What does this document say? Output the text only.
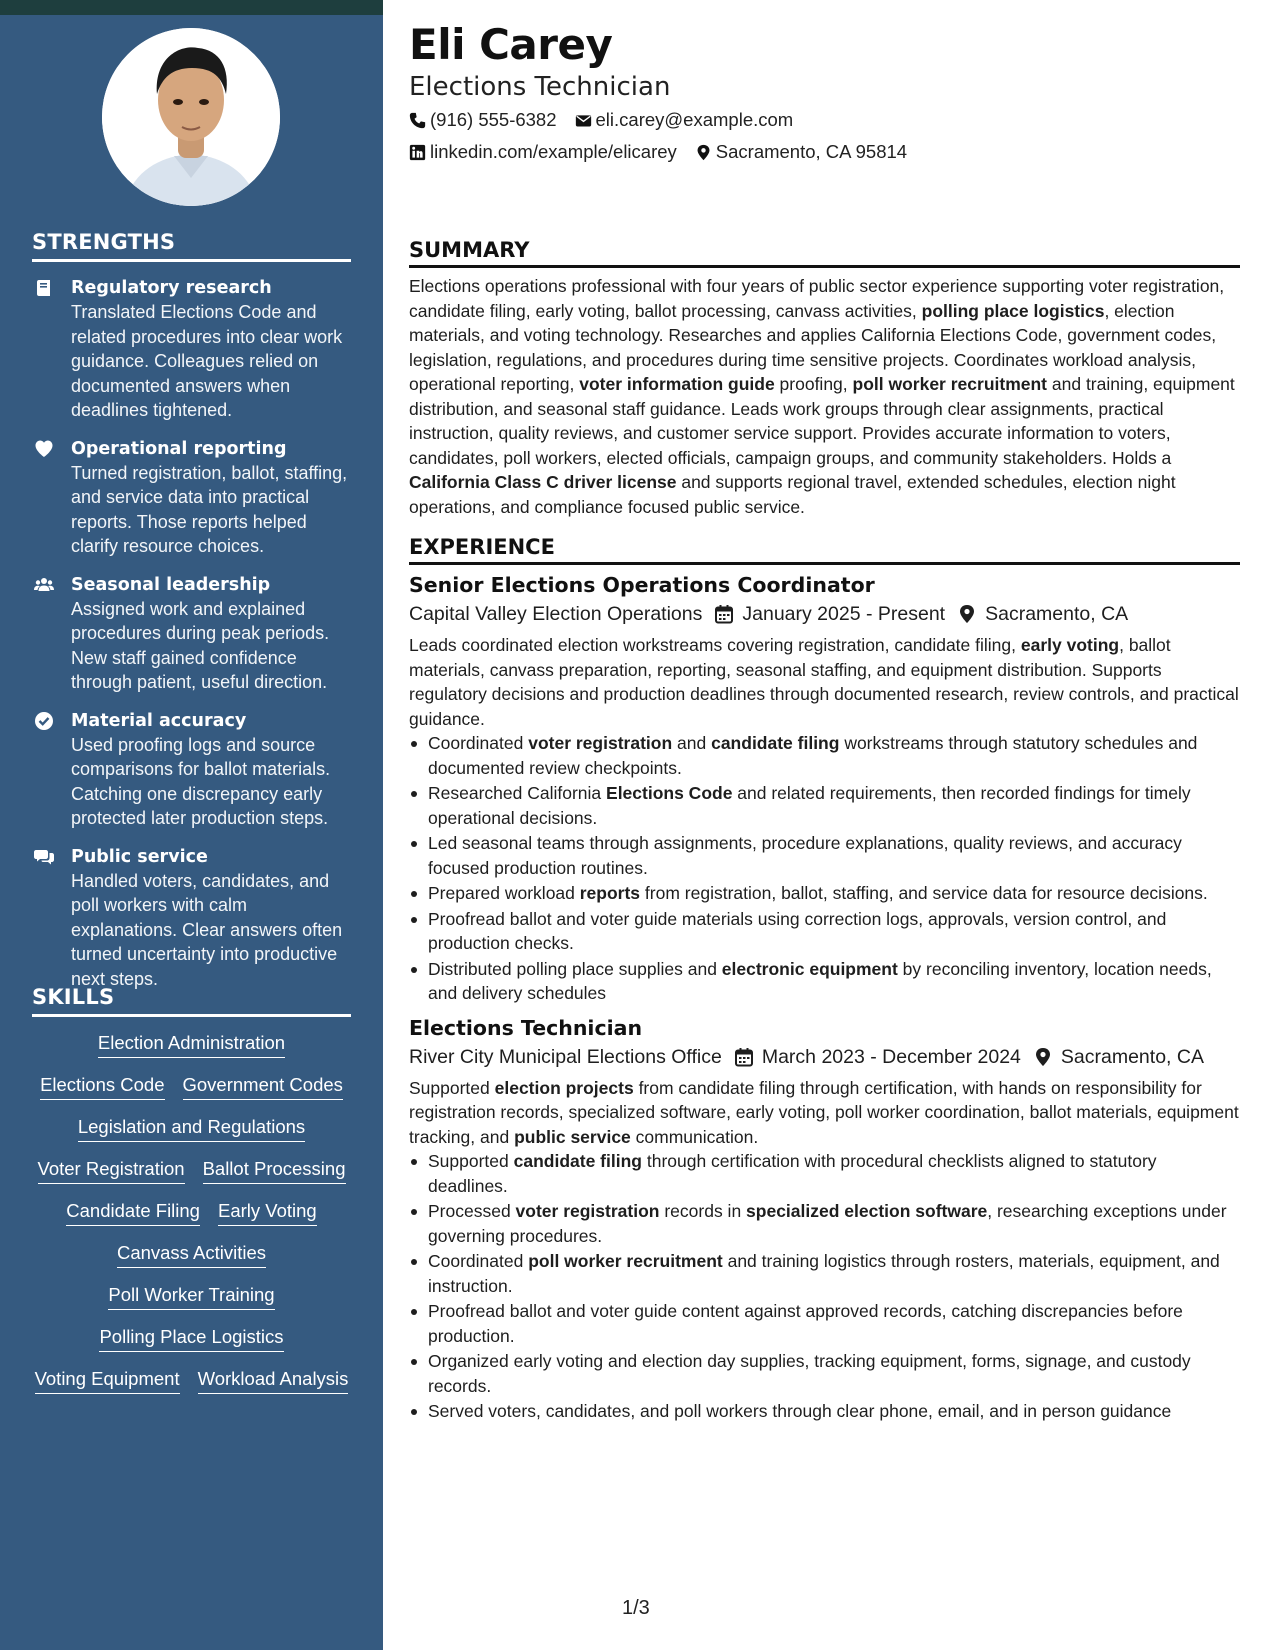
STRENGTHS
Regulatory research
Translated Elections Code and related procedures into clear work guidance. Colleagues relied on documented answers when deadlines tightened.
Operational reporting
Turned registration, ballot, staffing, and service data into practical reports. Those reports helped clarify resource choices.
Seasonal leadership
Assigned work and explained procedures during peak periods. New staff gained confidence through patient, useful direction.
Material accuracy
Used proofing logs and source comparisons for ballot materials. Catching one discrepancy early protected later production steps.
Public service
Handled voters, candidates, and poll workers with calm explanations. Clear answers often turned uncertainty into productive next steps.
SKILLS
Election Administration
Elections Code Government Codes
Legislation and Regulations
Voter Registration Ballot Processing
Candidate Filing Early Voting
Canvass Activities
Poll Worker Training
Polling Place Logistics
Voting Equipment Workload Analysis
Eli Carey
Elections Technician
(916) 555-6382 eli.carey@example.com
linkedin.com/example/elicarey Sacramento, CA 95814
SUMMARY
Elections operations professional with four years of public sector experience supporting voter registration, candidate filing, early voting, ballot processing, canvass activities, polling place logistics, election materials, and voting technology. Researches and applies California Elections Code, government codes, legislation, regulations, and procedures during time sensitive projects. Coordinates workload analysis, operational reporting, voter information guide proofing, poll worker recruitment and training, equipment distribution, and seasonal staff guidance. Leads work groups through clear assignments, practical instruction, quality reviews, and customer service support. Provides accurate information to voters, candidates, poll workers, elected officials, campaign groups, and community stakeholders. Holds a California Class C driver license and supports regional travel, extended schedules, election night operations, and compliance focused public service.
EXPERIENCE
Senior Elections Operations Coordinator
Capital Valley Election Operations January 2025 - Present Sacramento, CA
Leads coordinated election workstreams covering registration, candidate filing, early voting, ballot materials, canvass preparation, reporting, seasonal staffing, and equipment distribution. Supports regulatory decisions and production deadlines through documented research, review controls, and practical guidance.
Coordinated voter registration and candidate filing workstreams through statutory schedules and documented review checkpoints.
Researched California Elections Code and related requirements, then recorded findings for timely operational decisions.
Led seasonal teams through assignments, procedure explanations, quality reviews, and accuracy focused production routines.
Prepared workload reports from registration, ballot, staffing, and service data for resource decisions.
Proofread ballot and voter guide materials using correction logs, approvals, version control, and production checks.
Distributed polling place supplies and electronic equipment by reconciling inventory, location needs, and delivery schedules
Elections Technician
River City Municipal Elections Office March 2023 - December 2024 Sacramento, CA
Supported election projects from candidate filing through certification, with hands on responsibility for registration records, specialized software, early voting, poll worker coordination, ballot materials, equipment tracking, and public service communication.
Supported candidate filing through certification with procedural checklists aligned to statutory deadlines.
Processed voter registration records in specialized election software, researching exceptions under governing procedures.
Coordinated poll worker recruitment and training logistics through rosters, materials, equipment, and instruction.
Proofread ballot and voter guide content against approved records, catching discrepancies before production.
Organized early voting and election day supplies, tracking equipment, forms, signage, and custody records.
Served voters, candidates, and poll workers through clear phone, email, and in person guidance
1/3
